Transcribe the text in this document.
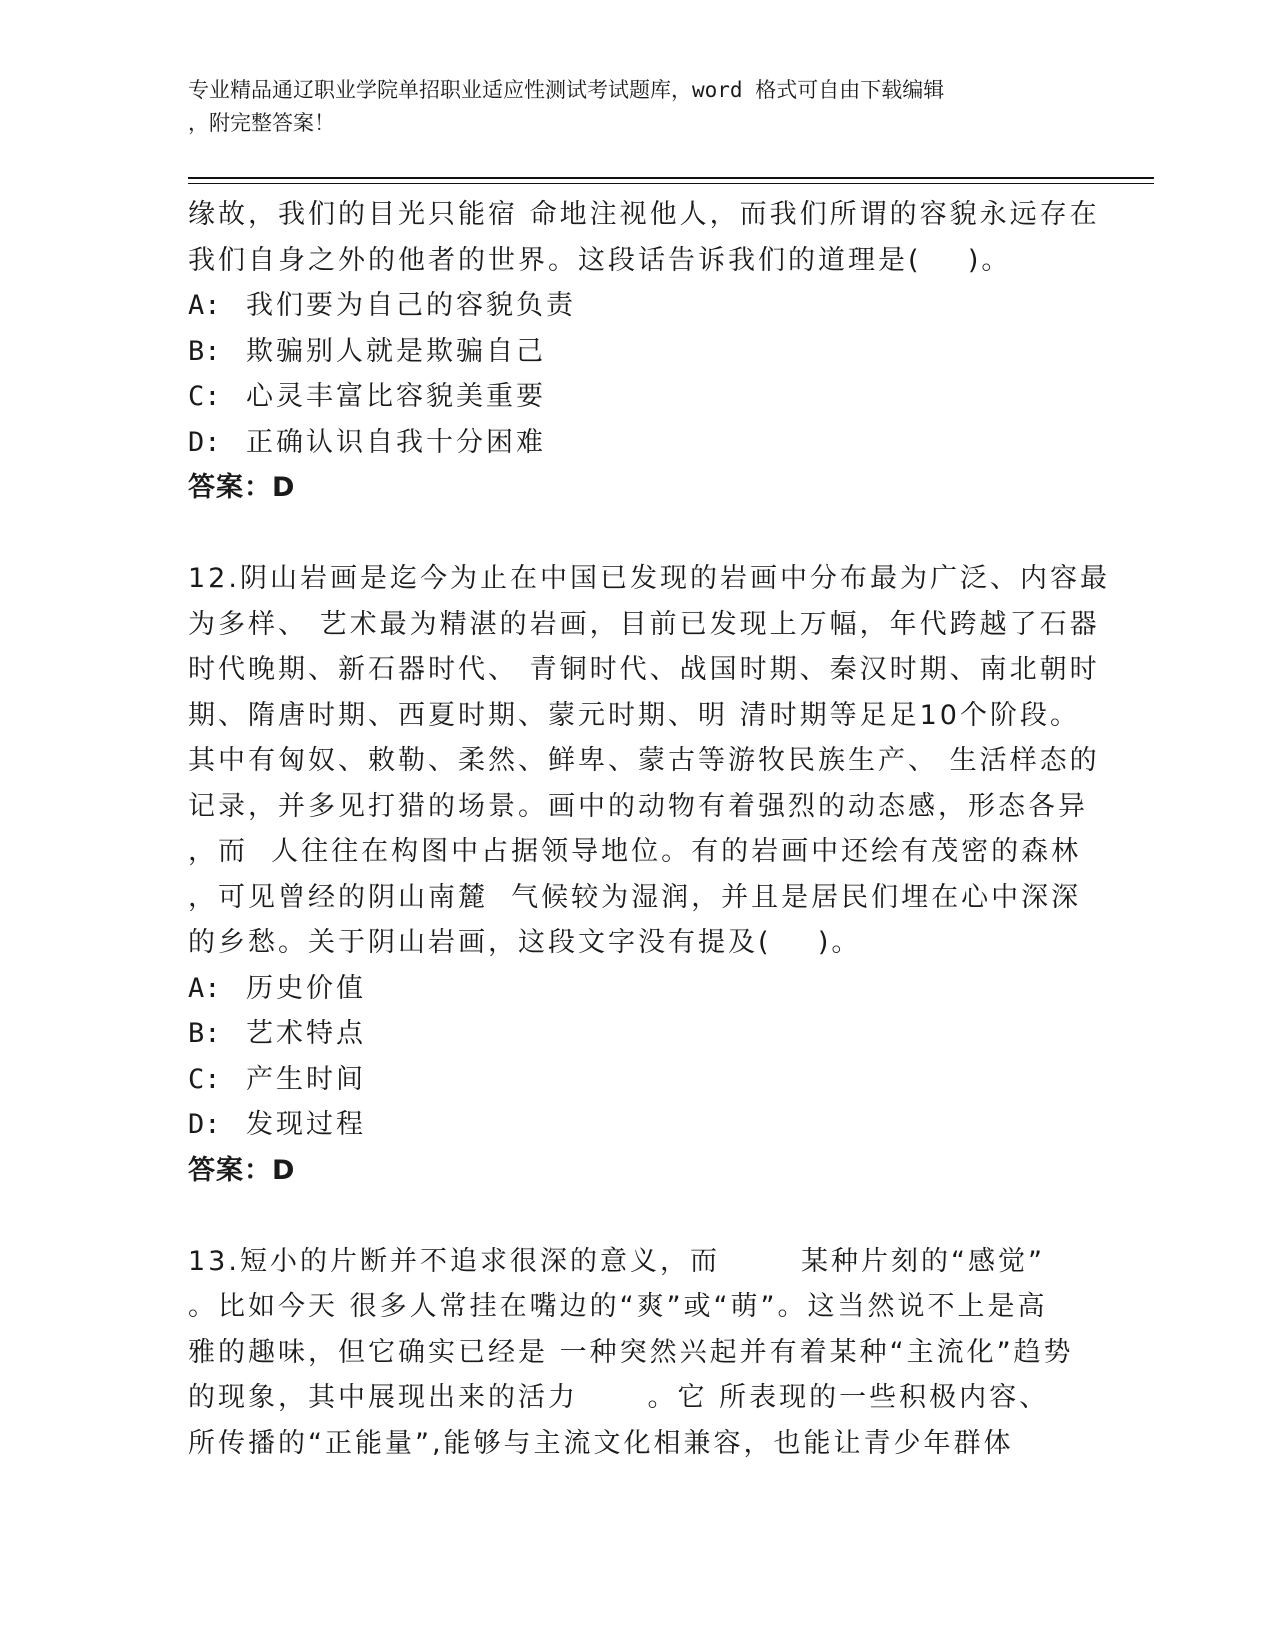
专业精品通辽职业学院单招职业适应性测试考试题库，word 格式可自由下载编辑
，附完整答案！
缘故，我们的目光只能宿 命地注视他人，而我们所谓的容貌永远存在
我们自身之外的他者的世界。这段话告诉我们的道理是(    )。
A: 我们要为自己的容貌负责
B: 欺骗别人就是欺骗自己
C: 心灵丰富比容貌美重要
D: 正确认识自我十分困难
答案：D
12.阴山岩画是迄今为止在中国已发现的岩画中分布最为广泛、内容最
为多样、 艺术最为精湛的岩画，目前已发现上万幅，年代跨越了石器
时代晚期、新石器时代、 青铜时代、战国时期、秦汉时期、南北朝时
期、隋唐时期、西夏时期、蒙元时期、明 清时期等足足10个阶段。
其中有匈奴、敕勒、柔然、鲜卑、蒙古等游牧民族生产、 生活样态的
记录，并多见打猎的场景。画中的动物有着强烈的动态感，形态各异
，而  人往往在构图中占据领导地位。有的岩画中还绘有茂密的森林
，可见曾经的阴山南麓  气候较为湿润，并且是居民们埋在心中深深
的乡愁。关于阴山岩画，这段文字没有提及(    )。
A: 历史价值
B: 艺术特点
C: 产生时间
D: 发现过程
答案：D
13.短小的片断并不追求很深的意义，而       某种片刻的“感觉”
。比如今天 很多人常挂在嘴边的“爽”或“萌”。这当然说不上是高
雅的趣味，但它确实已经是 一种突然兴起并有着某种“主流化”趋势
的现象，其中展现出来的活力      。它 所表现的一些积极内容、
所传播的“正能量”,能够与主流文化相兼容，也能让青少年群体
